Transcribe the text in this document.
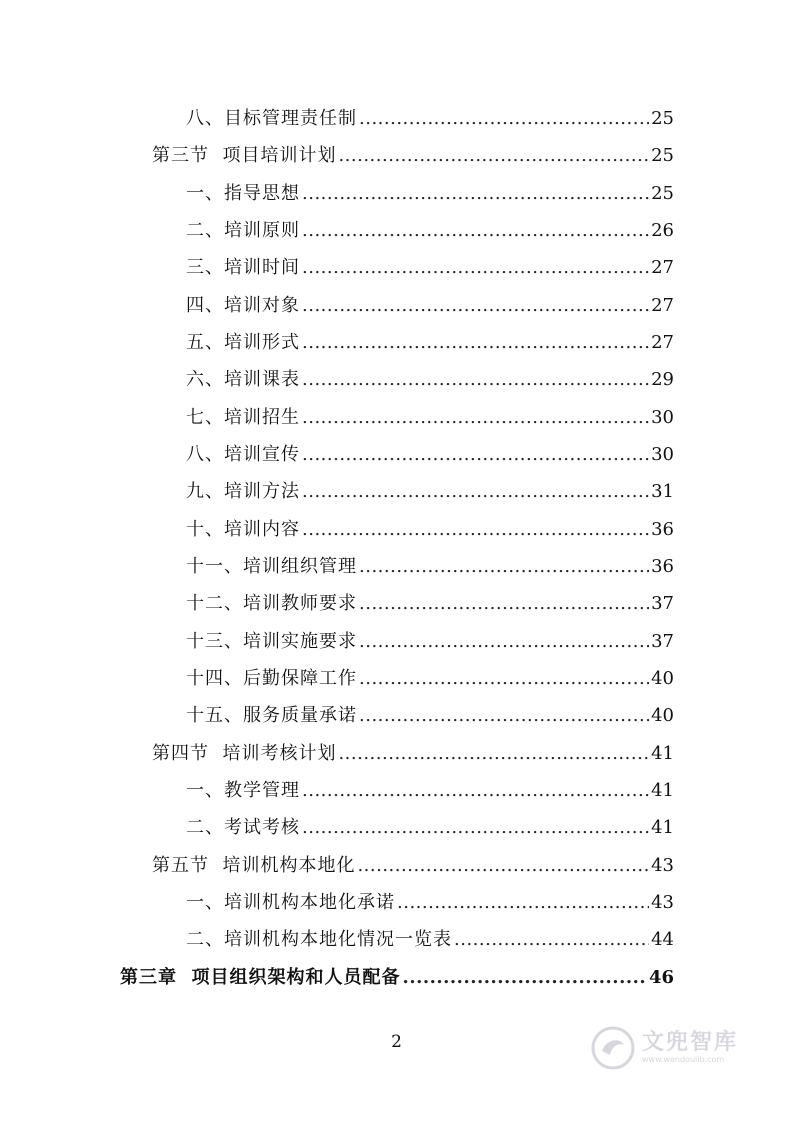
八、目标管理责任制 .....	25
第三节  项目培训计划 .....	25
一、指导思想 .....	25
二、培训原则 .....	26
三、培训时间 .....	27
四、培训对象 .....	27
五、培训形式 .....	27
六、培训课表 .....	29
七、培训招生 .....	30
八、培训宣传 .....	30
九、培训方法 .....	31
十、培训内容 .....	36
十一、培训组织管理 .....	36
十二、培训教师要求 .....	37
十三、培训实施要求 .....	37
十四、后勤保障工作 .....	40
十五、服务质量承诺 .....	40
第四节  培训考核计划 .....	41
一、教学管理 .....	41
二、考试考核 .....	41
第五节  培训机构本地化 .....	43
一、培训机构本地化承诺 .....	43
二、培训机构本地化情况一览表 .....	44
第三章  项目组织架构和人员配备 .....	46
2	文兜智库
www.wendoulib.com
